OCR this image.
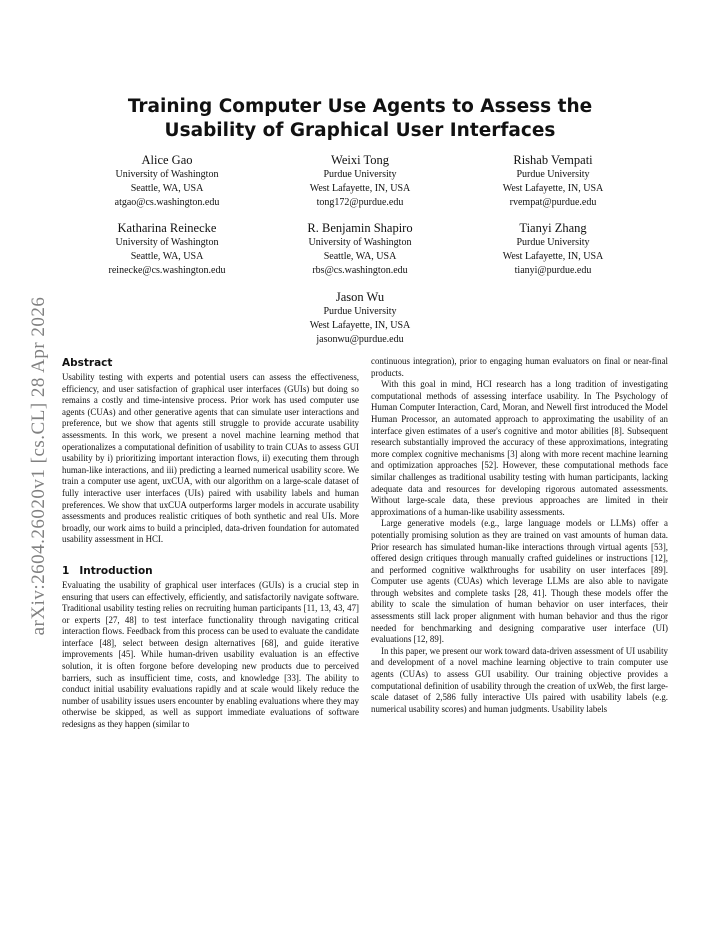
arXiv:2604.26020v1 [cs.CL] 28 Apr 2026
Training Computer Use Agents to Assess the Usability of Graphical User Interfaces
Alice Gao
University of Washington
Seattle, WA, USA
atgao@cs.washington.edu
Weixi Tong
Purdue University
West Lafayette, IN, USA
tong172@purdue.edu
Rishab Vempati
Purdue University
West Lafayette, IN, USA
rvempat@purdue.edu
Katharina Reinecke
University of Washington
Seattle, WA, USA
reinecke@cs.washington.edu
R. Benjamin Shapiro
University of Washington
Seattle, WA, USA
rbs@cs.washington.edu
Tianyi Zhang
Purdue University
West Lafayette, IN, USA
tianyi@purdue.edu
Jason Wu
Purdue University
West Lafayette, IN, USA
jasonwu@purdue.edu
Abstract

Usability testing with experts and potential users can assess the effectiveness, efficiency, and user satisfaction of graphical user interfaces (GUIs) but doing so remains a costly and time-intensive process. Prior work has used computer use agents (CUAs) and other generative agents that can simulate user interactions and preference, but we show that agents still struggle to provide accurate usability assessments. In this work, we present a novel machine learning method that operationalizes a computational definition of usability to train CUAs to assess GUI usability by i) prioritizing important interaction flows, ii) executing them through human-like interactions, and iii) predicting a learned numerical usability score. We train a computer use agent, uxCUA, with our algorithm on a large-scale dataset of fully interactive user interfaces (UIs) paired with usability labels and human preferences. We show that uxCUA outperforms larger models in accurate usability assessments and produces realistic critiques of both synthetic and real UIs. More broadly, our work aims to build a principled, data-driven foundation for automated usability assessment in HCI.

1 Introduction

Evaluating the usability of graphical user interfaces (GUIs) is a crucial step in ensuring that users can effectively, efficiently, and satisfactorily navigate software. Traditional usability testing relies on recruiting human participants [11, 13, 43, 47] or experts [27, 48] to test interface functionality through navigating critical interaction flows. Feedback from this process can be used to evaluate the candidate interface [48], select between design alternatives [68], and guide iterative improvements [45]. While human-driven usability evaluation is an effective solution, it is often forgone before developing new products due to perceived barriers, such as insufficient time, costs, and knowledge [33]. The ability to conduct initial usability evaluations rapidly and at scale would likely reduce the number of usability issues users encounter by enabling evaluations where they may otherwise be skipped, as well as support immediate evaluations of software redesigns as they happen (similar to

continuous integration), prior to engaging human evaluators on final or near-final products.

With this goal in mind, HCI research has a long tradition of investigating computational methods of assessing interface usability. In The Psychology of Human Computer Interaction, Card, Moran, and Newell first introduced the Model Human Processor, an automated approach to approximating the usability of an interface given estimates of a user's cognitive and motor abilities [8]. Subsequent research substantially improved the accuracy of these approximations, integrating more complex cognitive mechanisms [3] along with more recent machine learning and optimization approaches [52]. However, these computational methods face similar challenges as traditional usability testing with human participants, lacking adequate data and resources for developing rigorous automated assessments. Without large-scale data, these previous approaches are limited in their approximations of a human-like usability assessments.

Large generative models (e.g., large language models or LLMs) offer a potentially promising solution as they are trained on vast amounts of human data. Prior research has simulated human-like interactions through virtual agents [53], offered design critiques through manually crafted guidelines or instructions [12], and performed cognitive walkthroughs for usability on user interfaces [89]. Computer use agents (CUAs) which leverage LLMs are also able to navigate through websites and complete tasks [28, 41]. Though these models offer the ability to scale the simulation of human behavior on user interfaces, their assessments still lack proper alignment with human behavior and thus the rigor needed for benchmarking and designing comparative user interface (UI) evaluations [12, 89].

In this paper, we present our work toward data-driven assessment of UI usability and development of a novel machine learning objective to train computer use agents (CUAs) to assess GUI usability. Our training objective provides a computational definition of usability through the creation of uxWeb, the first large-scale dataset of 2,586 fully interactive UIs paired with usability labels (e.g. numerical usability scores) and human judgments. Usability labels
